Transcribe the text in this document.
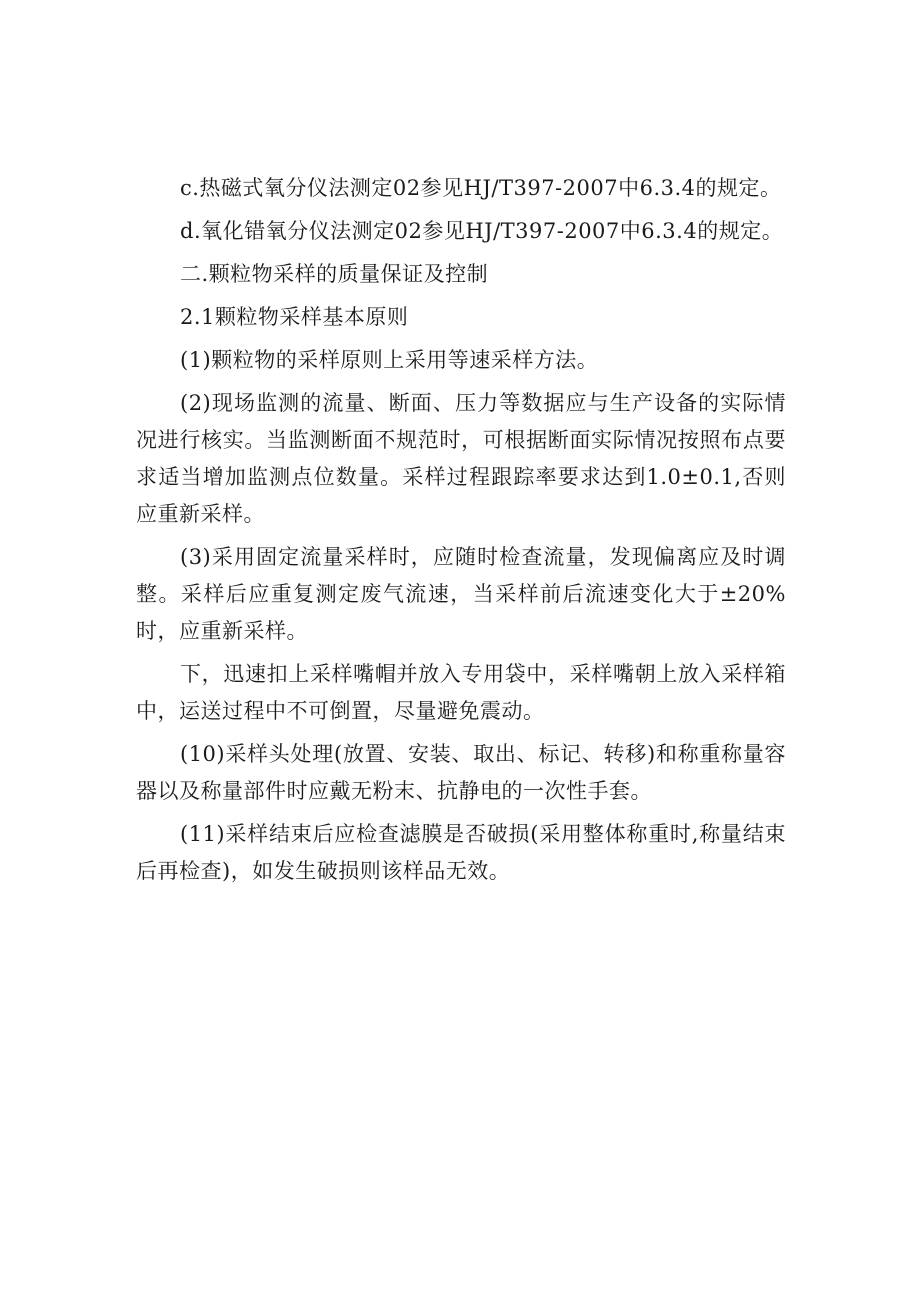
c.热磁式氧分仪法测定02参见HJ/T397-2007中6.3.4的规定。

d.氧化错氧分仪法测定02参见HJ/T397-2007中6.3.4的规定。

二.颗粒物采样的质量保证及控制

2.1颗粒物采样基本原则

(1)颗粒物的采样原则上采用等速采样方法。

(2)现场监测的流量、断面、压力等数据应与生产设备的实际情况进行核实。当监测断面不规范时，可根据断面实际情况按照布点要求适当增加监测点位数量。采样过程跟踪率要求达到1.0±0.1,否则应重新采样。

(3)采用固定流量采样时，应随时检查流量，发现偏离应及时调整。采样后应重复测定废气流速，当采样前后流速变化大于±20%时，应重新采样。

下，迅速扣上采样嘴帽并放入专用袋中，采样嘴朝上放入采样箱中，运送过程中不可倒置，尽量避免震动。

(10)采样头处理(放置、安装、取出、标记、转移)和称重称量容器以及称量部件时应戴无粉末、抗静电的一次性手套。

(11)采样结束后应检查滤膜是否破损(采用整体称重时,称量结束后再检查)，如发生破损则该样品无效。
